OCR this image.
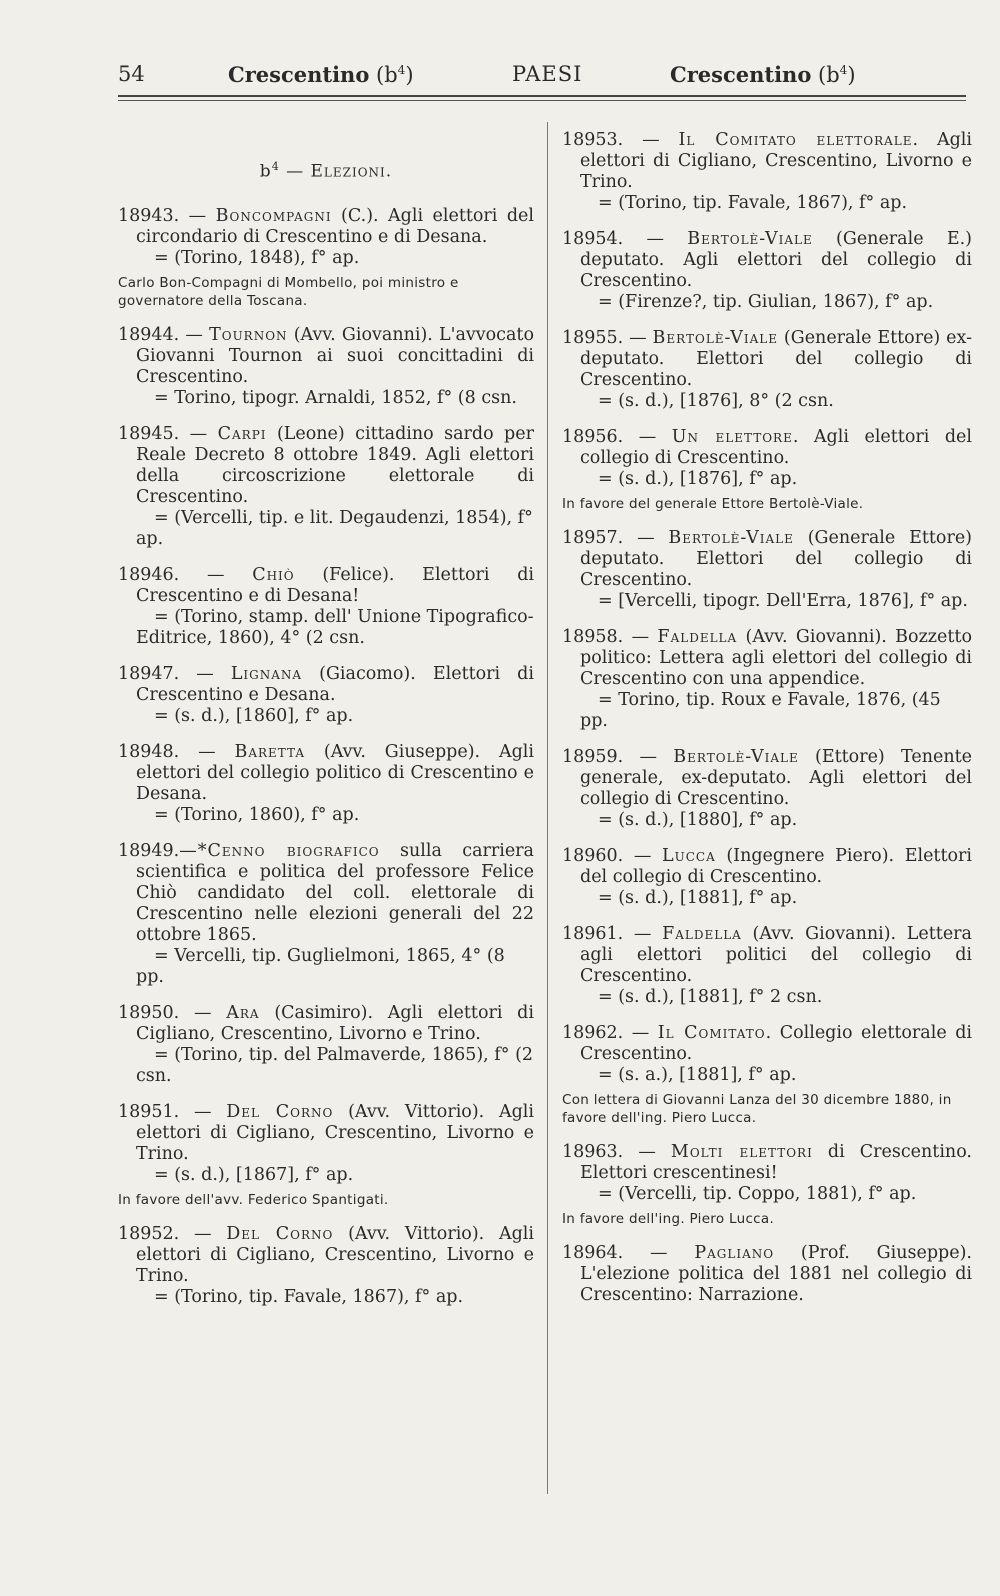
54	Crescentino $(b^4)$	PAESI	Crescentino $(b^4)$
$b^4$ — Elezioni.

18943. — Boncompagni (C.). Agli elettori del circondario di Crescentino e di Desana.

= (Torino, 1848), f° ap.

Carlo Bon-Compagni di Mombello, poi ministro e governatore della Toscana.

18944. — Tournon (Avv. Giovanni). L'avvocato Giovanni Tournon ai suoi concittadini di Crescentino.

= Torino, tipogr. Arnaldi, 1852, f° (8 csn.

18945. — Carpi (Leone) cittadino sardo per Reale Decreto 8 ottobre 1849. Agli elettori della circoscrizione elettorale di Crescentino.

= (Vercelli, tip. e lit. Degaudenzi, 1854), f° ap.

18946. — Chiò (Felice). Elettori di Crescentino e di Desana!

= (Torino, stamp. dell' Unione Tipografico-Editrice, 1860), 4° (2 csn.

18947. — Lignana (Giacomo). Elettori di Crescentino e Desana.

= (s. d.), [1860], f° ap.

18948. — Baretta (Avv. Giuseppe). Agli elettori del collegio politico di Crescentino e Desana.

= (Torino, 1860), f° ap.

18949.—*Cenno biografico sulla carriera scientifica e politica del professore Felice Chiò candidato del coll. elettorale di Crescentino nelle elezioni generali del 22 ottobre 1865.

= Vercelli, tip. Guglielmoni, 1865, 4° (8 pp.

18950. — Ara (Casimiro). Agli elettori di Cigliano, Crescentino, Livorno e Trino.

= (Torino, tip. del Palmaverde, 1865), f° (2 csn.

18951. — Del Corno (Avv. Vittorio). Agli elettori di Cigliano, Crescentino, Livorno e Trino.

= (s. d.), [1867], f° ap.

In favore dell'avv. Federico Spantigati.

18952. — Del Corno (Avv. Vittorio). Agli elettori di Cigliano, Crescentino, Livorno e Trino.

= (Torino, tip. Favale, 1867), f° ap.

18953. — Il Comitato elettorale. Agli elettori di Cigliano, Crescentino, Livorno e Trino.

= (Torino, tip. Favale, 1867), f° ap.

18954. — Bertolè-Viale (Generale E.) deputato. Agli elettori del collegio di Crescentino.

= (Firenze?, tip. Giulian, 1867), f° ap.

18955. — Bertolè-Viale (Generale Ettore) ex-deputato. Elettori del collegio di Crescentino.

= (s. d.), [1876], 8° (2 csn.

18956. — Un elettore. Agli elettori del collegio di Crescentino.

= (s. d.), [1876], f° ap.

In favore del generale Ettore Bertolè-Viale.

18957. — Bertolè-Viale (Generale Ettore) deputato. Elettori del collegio di Crescentino.

= [Vercelli, tipogr. Dell'Erra, 1876], f° ap.

18958. — Faldella (Avv. Giovanni). Bozzetto politico: Lettera agli elettori del collegio di Crescentino con una appendice.

= Torino, tip. Roux e Favale, 1876, (45 pp.

18959. — Bertolè-Viale (Ettore) Tenente generale, ex-deputato. Agli elettori del collegio di Crescentino.

= (s. d.), [1880], f° ap.

18960. — Lucca (Ingegnere Piero). Elettori del collegio di Crescentino.

= (s. d.), [1881], f° ap.

18961. — Faldella (Avv. Giovanni). Lettera agli elettori politici del collegio di Crescentino.

= (s. d.), [1881], f° 2 csn.

18962. — Il Comitato. Collegio elettorale di Crescentino.

= (s. a.), [1881], f° ap.

Con lettera di Giovanni Lanza del 30 dicembre 1880, in favore dell'ing. Piero Lucca.

18963. — Molti elettori di Crescentino. Elettori crescentinesi!

= (Vercelli, tip. Coppo, 1881), f° ap.

In favore dell'ing. Piero Lucca.

18964. — Pagliano (Prof. Giuseppe). L'elezione politica del 1881 nel collegio di Crescentino: Narrazione.
